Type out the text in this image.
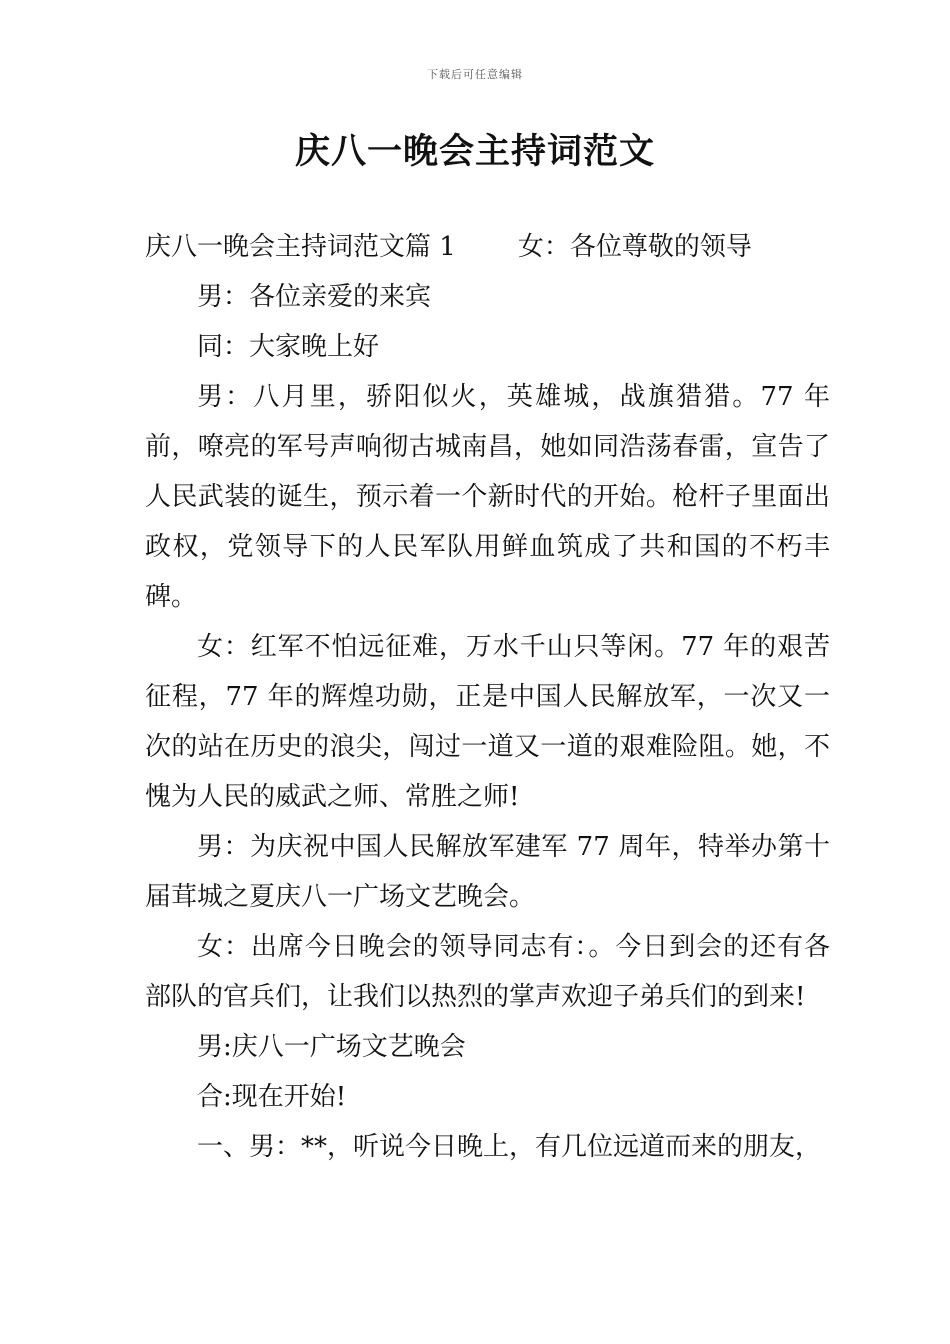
下载后可任意编辑
庆八一晚会主持词范文

庆八一晚会主持词范文篇 1 女：各位尊敬的领导

男：各位亲爱的来宾

同：大家晚上好

男：八月里，骄阳似火，英雄城，战旗猎猎。77 年前，嘹亮的军号声响彻古城南昌，她如同浩荡春雷，宣告了人民武装的诞生，预示着一个新时代的开始。枪杆子里面出政权，党领导下的人民军队用鲜血筑成了共和国的不朽丰碑。

女：红军不怕远征难，万水千山只等闲。77 年的艰苦征程，77 年的辉煌功勋，正是中国人民解放军，一次又一次的站在历史的浪尖，闯过一道又一道的艰难险阻。她，不愧为人民的威武之师、常胜之师!

男：为庆祝中国人民解放军建军 77 周年，特举办第十届茸城之夏庆八一广场文艺晚会。

女：出席今日晚会的领导同志有：。今日到会的还有各部队的官兵们，让我们以热烈的掌声欢迎子弟兵们的到来!

男:庆八一广场文艺晚会

合:现在开始!

一、男：**，听说今日晚上，有几位远道而来的朋友，
